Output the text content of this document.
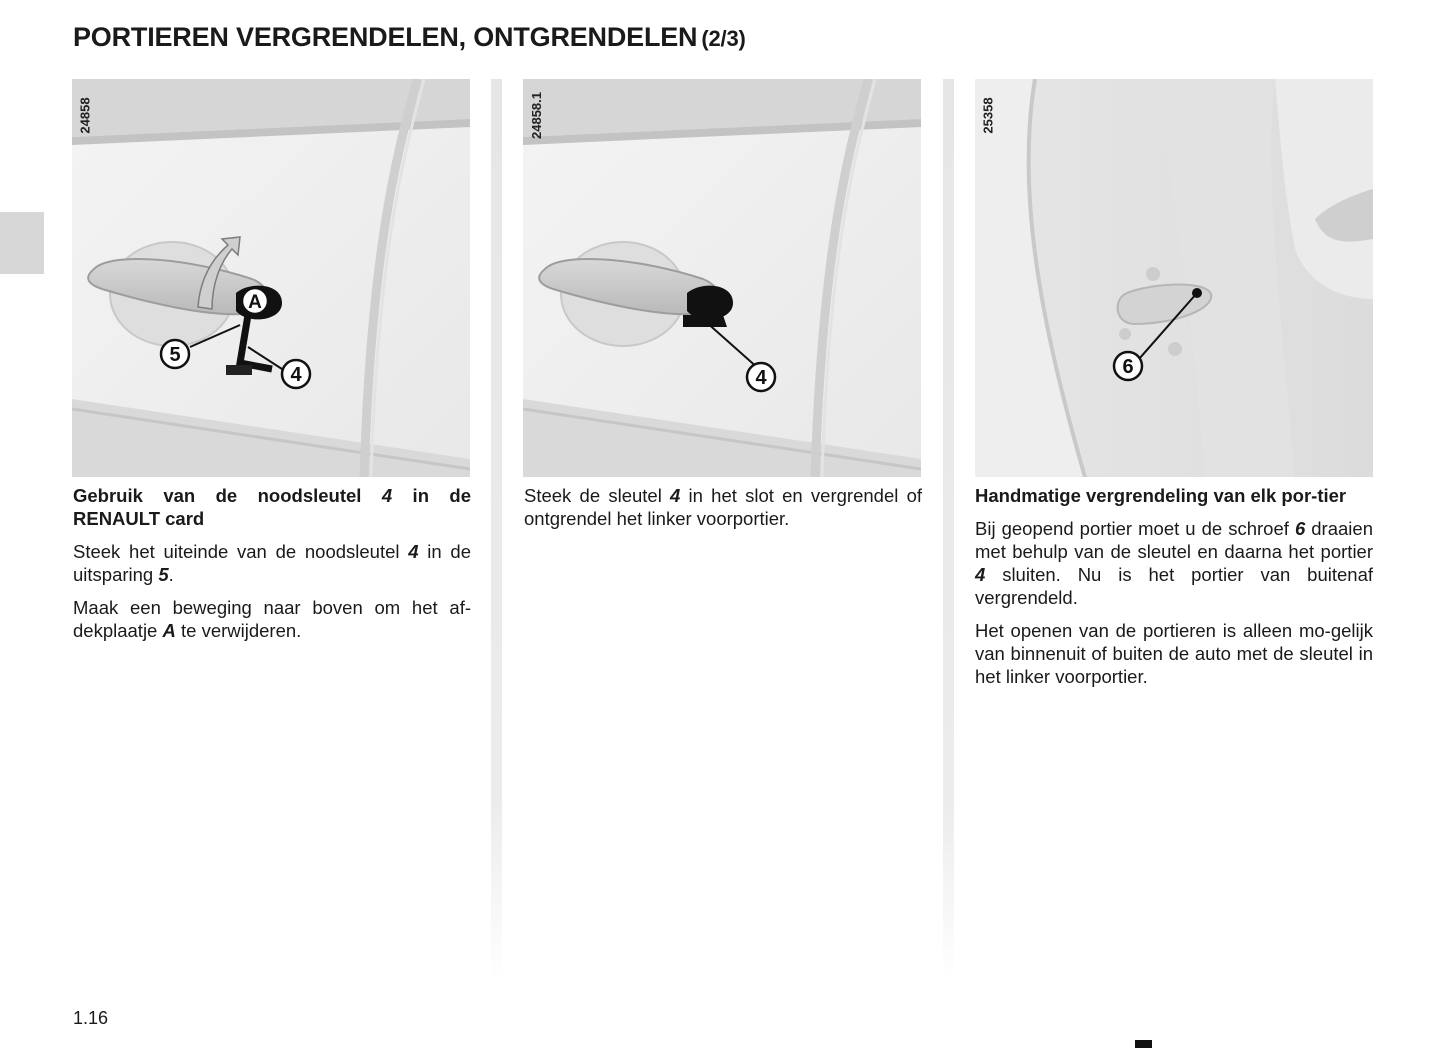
PORTIEREN VERGRENDELEN, ONTGRENDELEN (2/3)
A
5
4
24858
4
24858.1
6
25358

Gebruik van de noodsleutel 4 in de RENAULT card

Steek het uiteinde van de noodsleutel 4 in de uitsparing 5.

Maak een beweging naar boven om het af-dekplaatje A te verwijderen.

Steek de sleutel 4 in het slot en vergrendel of ontgrendel het linker voorportier.

Handmatige vergrendeling van elk por-tier

Bij geopend portier moet u de schroef 6 draaien met behulp van de sleutel en daarna het portier 4 sluiten. Nu is het portier van buitenaf vergrendeld.

Het openen van de portieren is alleen mo-gelijk van binnenuit of buiten de auto met de sleutel in het linker voorportier.

1.16
